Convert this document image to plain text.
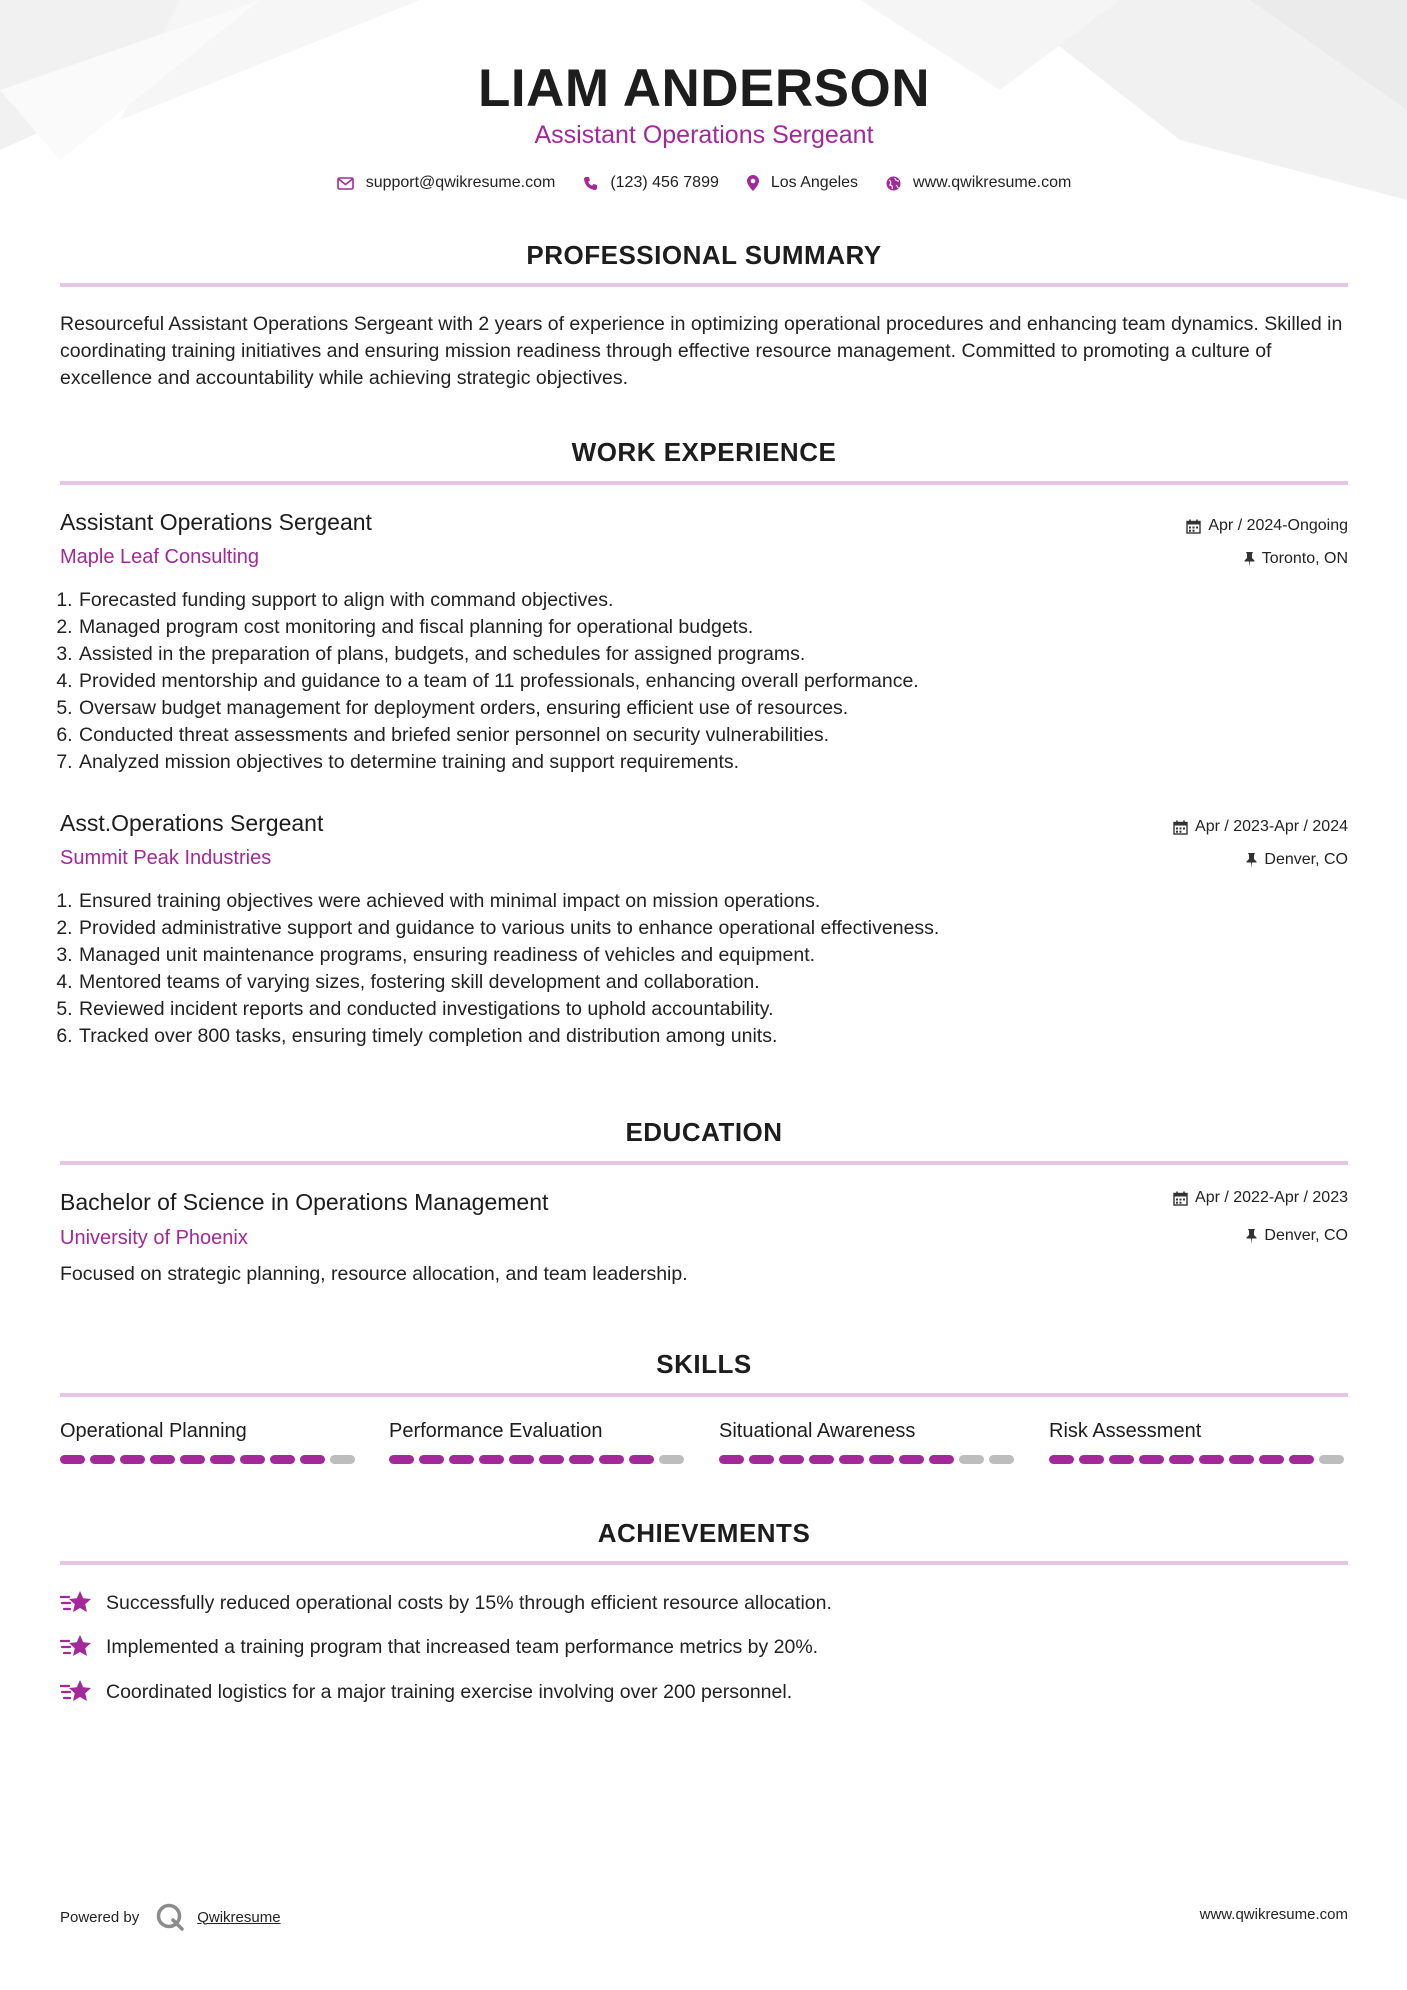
LIAM ANDERSON
Assistant Operations Sergeant
support@qwikresume.com	(123) 456 7899	Los Angeles	www.qwikresume.com
PROFESSIONAL SUMMARY
Resourceful Assistant Operations Sergeant with 2 years of experience in optimizing operational procedures and enhancing team dynamics. Skilled in coordinating training initiatives and ensuring mission readiness through effective resource management. Committed to promoting a culture of excellence and accountability while achieving strategic objectives.
WORK EXPERIENCE
Assistant Operations Sergeant
Maple Leaf Consulting
Apr / 2024-Ongoing
Toronto, ON
1. Forecasted funding support to align with command objectives.
2. Managed program cost monitoring and fiscal planning for operational budgets.
3. Assisted in the preparation of plans, budgets, and schedules for assigned programs.
4. Provided mentorship and guidance to a team of 11 professionals, enhancing overall performance.
5. Oversaw budget management for deployment orders, ensuring efficient use of resources.
6. Conducted threat assessments and briefed senior personnel on security vulnerabilities.
7. Analyzed mission objectives to determine training and support requirements.
Asst.Operations Sergeant
Summit Peak Industries
Apr / 2023-Apr / 2024
Denver, CO
1. Ensured training objectives were achieved with minimal impact on mission operations.
2. Provided administrative support and guidance to various units to enhance operational effectiveness.
3. Managed unit maintenance programs, ensuring readiness of vehicles and equipment.
4. Mentored teams of varying sizes, fostering skill development and collaboration.
5. Reviewed incident reports and conducted investigations to uphold accountability.
6. Tracked over 800 tasks, ensuring timely completion and distribution among units.
EDUCATION
Bachelor of Science in Operations Management
University of Phoenix
Apr / 2022-Apr / 2023
Denver, CO
Focused on strategic planning, resource allocation, and team leadership.
SKILLS
Operational Planning	Performance Evaluation	Situational Awareness	Risk Assessment
ACHIEVEMENTS
Successfully reduced operational costs by 15% through efficient resource allocation.
Implemented a training program that increased team performance metrics by 20%.
Coordinated logistics for a major training exercise involving over 200 personnel.
Powered by	Qwikresume	www.qwikresume.com
